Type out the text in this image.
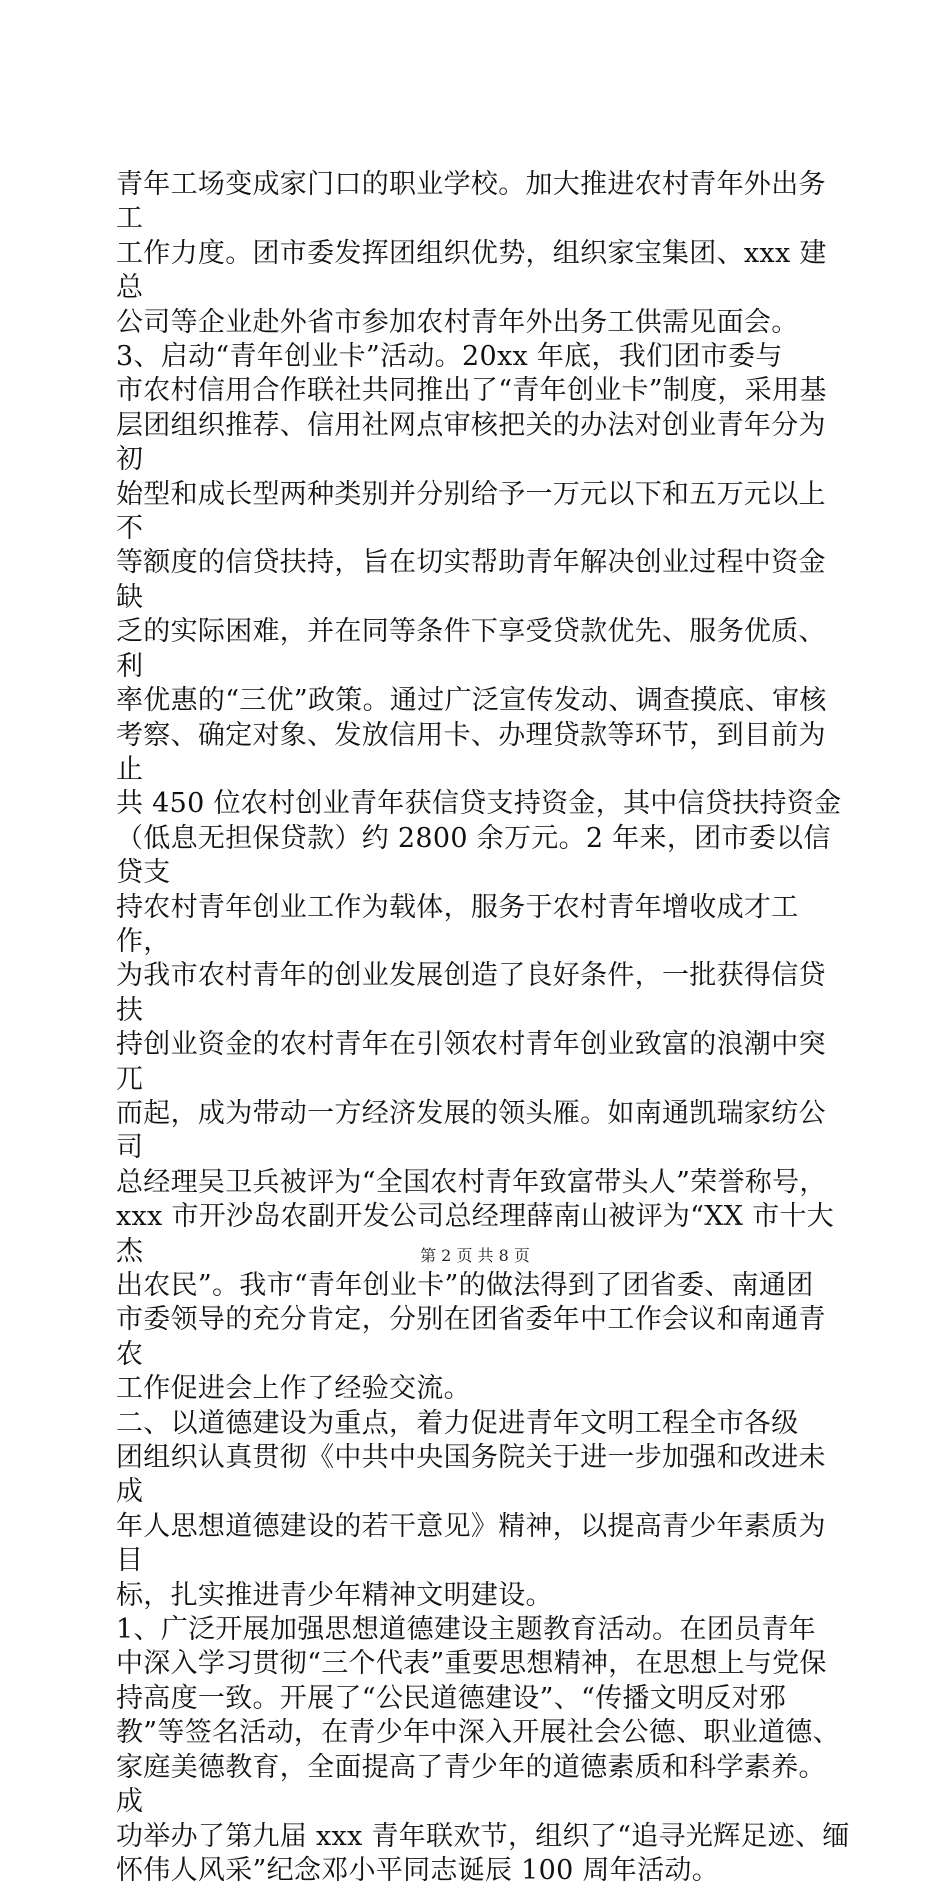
青年工场变成家门口的职业学校。加大推进农村青年外出务工
工作力度。团市委发挥团组织优势，组织家宝集团、xxx 建总
公司等企业赴外省市参加农村青年外出务工供需见面会。

3、启动“青年创业卡”活动。20xx 年底，我们团市委与
市农村信用合作联社共同推出了“青年创业卡”制度，采用基
层团组织推荐、信用社网点审核把关的办法对创业青年分为初
始型和成长型两种类别并分别给予一万元以下和五万元以上不
等额度的信贷扶持，旨在切实帮助青年解决创业过程中资金缺
乏的实际困难，并在同等条件下享受贷款优先、服务优质、利
率优惠的“三优”政策。通过广泛宣传发动、调查摸底、审核
考察、确定对象、发放信用卡、办理贷款等环节，到目前为止
共 450 位农村创业青年获信贷支持资金，其中信贷扶持资金
（低息无担保贷款）约 2800 余万元。2 年来，团市委以信贷支
持农村青年创业工作为载体，服务于农村青年增收成才工作，
为我市农村青年的创业发展创造了良好条件，一批获得信贷扶
持创业资金的农村青年在引领农村青年创业致富的浪潮中突兀
而起，成为带动一方经济发展的领头雁。如南通凯瑞家纺公司
总经理吴卫兵被评为“全国农村青年致富带头人”荣誉称号，
xxx 市开沙岛农副开发公司总经理薛南山被评为“XX 市十大杰
出农民”。我市“青年创业卡”的做法得到了团省委、南通团
市委领导的充分肯定，分别在团省委年中工作会议和南通青农
工作促进会上作了经验交流。

二、以道德建设为重点，着力促进青年文明工程全市各级
团组织认真贯彻《中共中央国务院关于进一步加强和改进未成
年人思想道德建设的若干意见》精神，以提高青少年素质为目
标，扎实推进青少年精神文明建设。

1、广泛开展加强思想道德建设主题教育活动。在团员青年
中深入学习贯彻“三个代表”重要思想精神，在思想上与党保
持高度一致。开展了“公民道德建设”、“传播文明反对邪
教”等签名活动，在青少年中深入开展社会公德、职业道德、
家庭美德教育，全面提高了青少年的道德素质和科学素养。成
功举办了第九届 xxx 青年联欢节，组织了“追寻光辉足迹、缅
怀伟人风采”纪念邓小平同志诞辰 100 周年活动。

第 2 页 共 8 页
